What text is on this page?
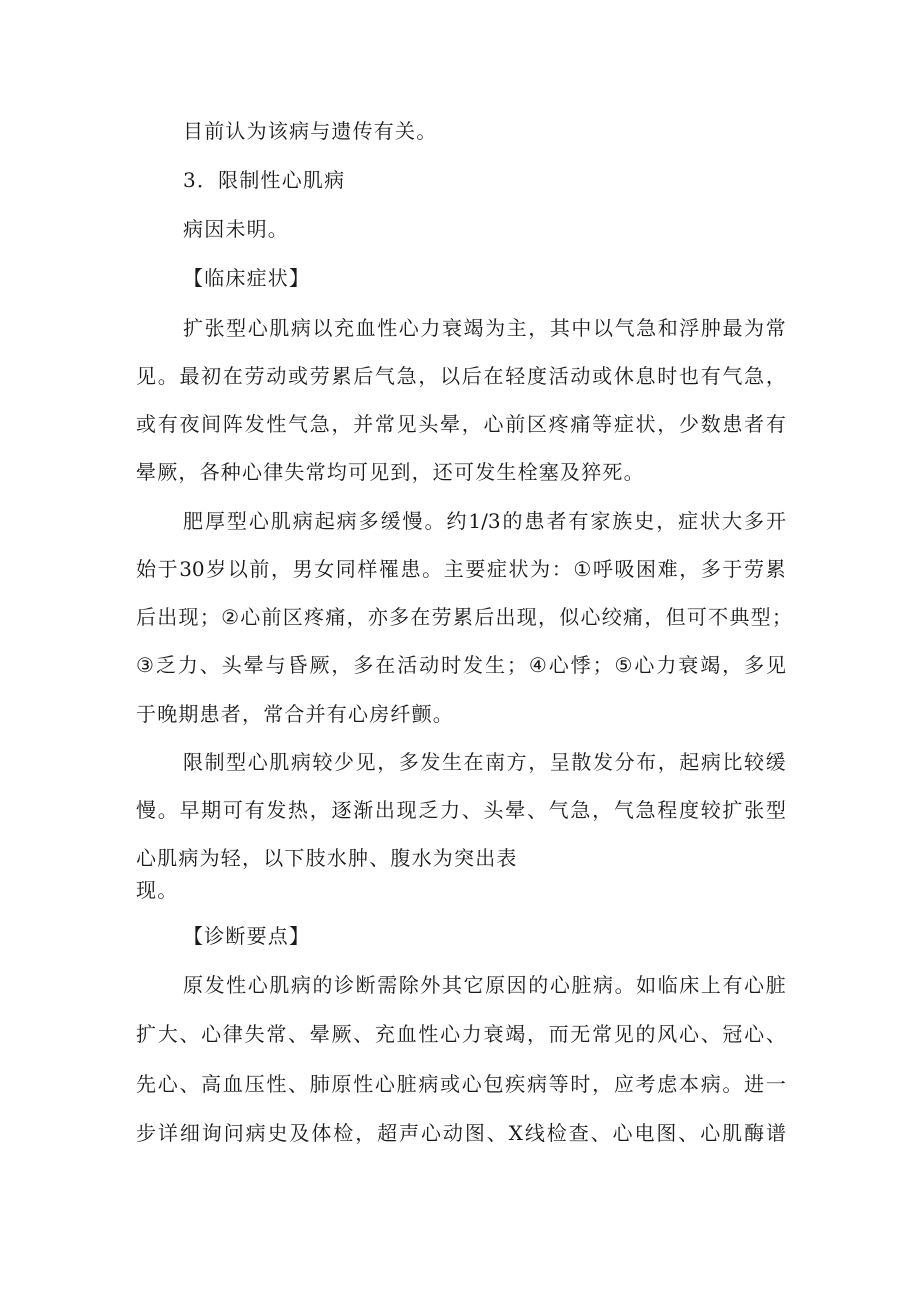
目前认为该病与遗传有关。
3．限制性心肌病
病因未明。
【临床症状】
扩 张 型 心 肌 病 以 充 血 性 心 力 衰 竭 为 主 ， 其 中 以 气 急 和 浮 肿 最 为 常
见 。 最 初 在 劳 动 或 劳 累 后 气 急 ， 以 后 在 轻 度 活 动 或 休 息 时 也 有 气 急 ，
或 有 夜 间 阵 发 性 气 急 ， 并 常 见 头 晕 ， 心 前 区 疼 痛 等 症 状 ， 少 数 患 者 有
晕厥，各种心律失常均可见到，还可发生栓塞及猝死。
肥 厚 型 心 肌 病 起 病 多 缓 慢 。 约 1/3 的 患 者 有 家 族 史 ， 症 状 大 多 开
始 于 30 岁 以 前 ， 男 女 同 样 罹 患 。 主 要 症 状 为 ： ① 呼 吸 困 难 ， 多 于 劳 累
后 出 现 ； ② 心 前 区 疼 痛 ， 亦 多 在 劳 累 后 出 现 ， 似 心 绞 痛 ， 但 可 不 典 型 ；
③ 乏 力 、 头 晕 与 昏 厥 ， 多 在 活 动 时 发 生 ； ④ 心 悸 ； ⑤ 心 力 衰 竭 ， 多 见
于晚期患者，常合并有心房纤颤。
限 制 型 心 肌 病 较 少 见 ， 多 发 生 在 南 方 ， 呈 散 发 分 布 ， 起 病 比 较 缓
慢 。 早 期 可 有 发 热 ， 逐 渐 出 现 乏 力 、 头 晕 、 气 急 ， 气 急 程 度 较 扩 张 型
心肌病为轻，以下肢水肿、腹水为突出表
现。
【诊断要点】
原 发 性 心 肌 病 的 诊 断 需 除 外 其 它 原 因 的 心 脏 病 。 如 临 床 上 有 心 脏
扩 大 、 心 律 失 常 、 晕 厥 、 充 血 性 心 力 衰 竭 ， 而 无 常 见 的 风 心 、 冠 心 、
先 心 、 高 血 压 性 、 肺 原 性 心 脏 病 或 心 包 疾 病 等 时 ， 应 考 虑 本 病 。 进 一
步 详 细 询 问 病 史 及 体 检 ， 超 声 心 动 图 、 X 线 检 查 、 心 电 图 、 心 肌 酶 谱
